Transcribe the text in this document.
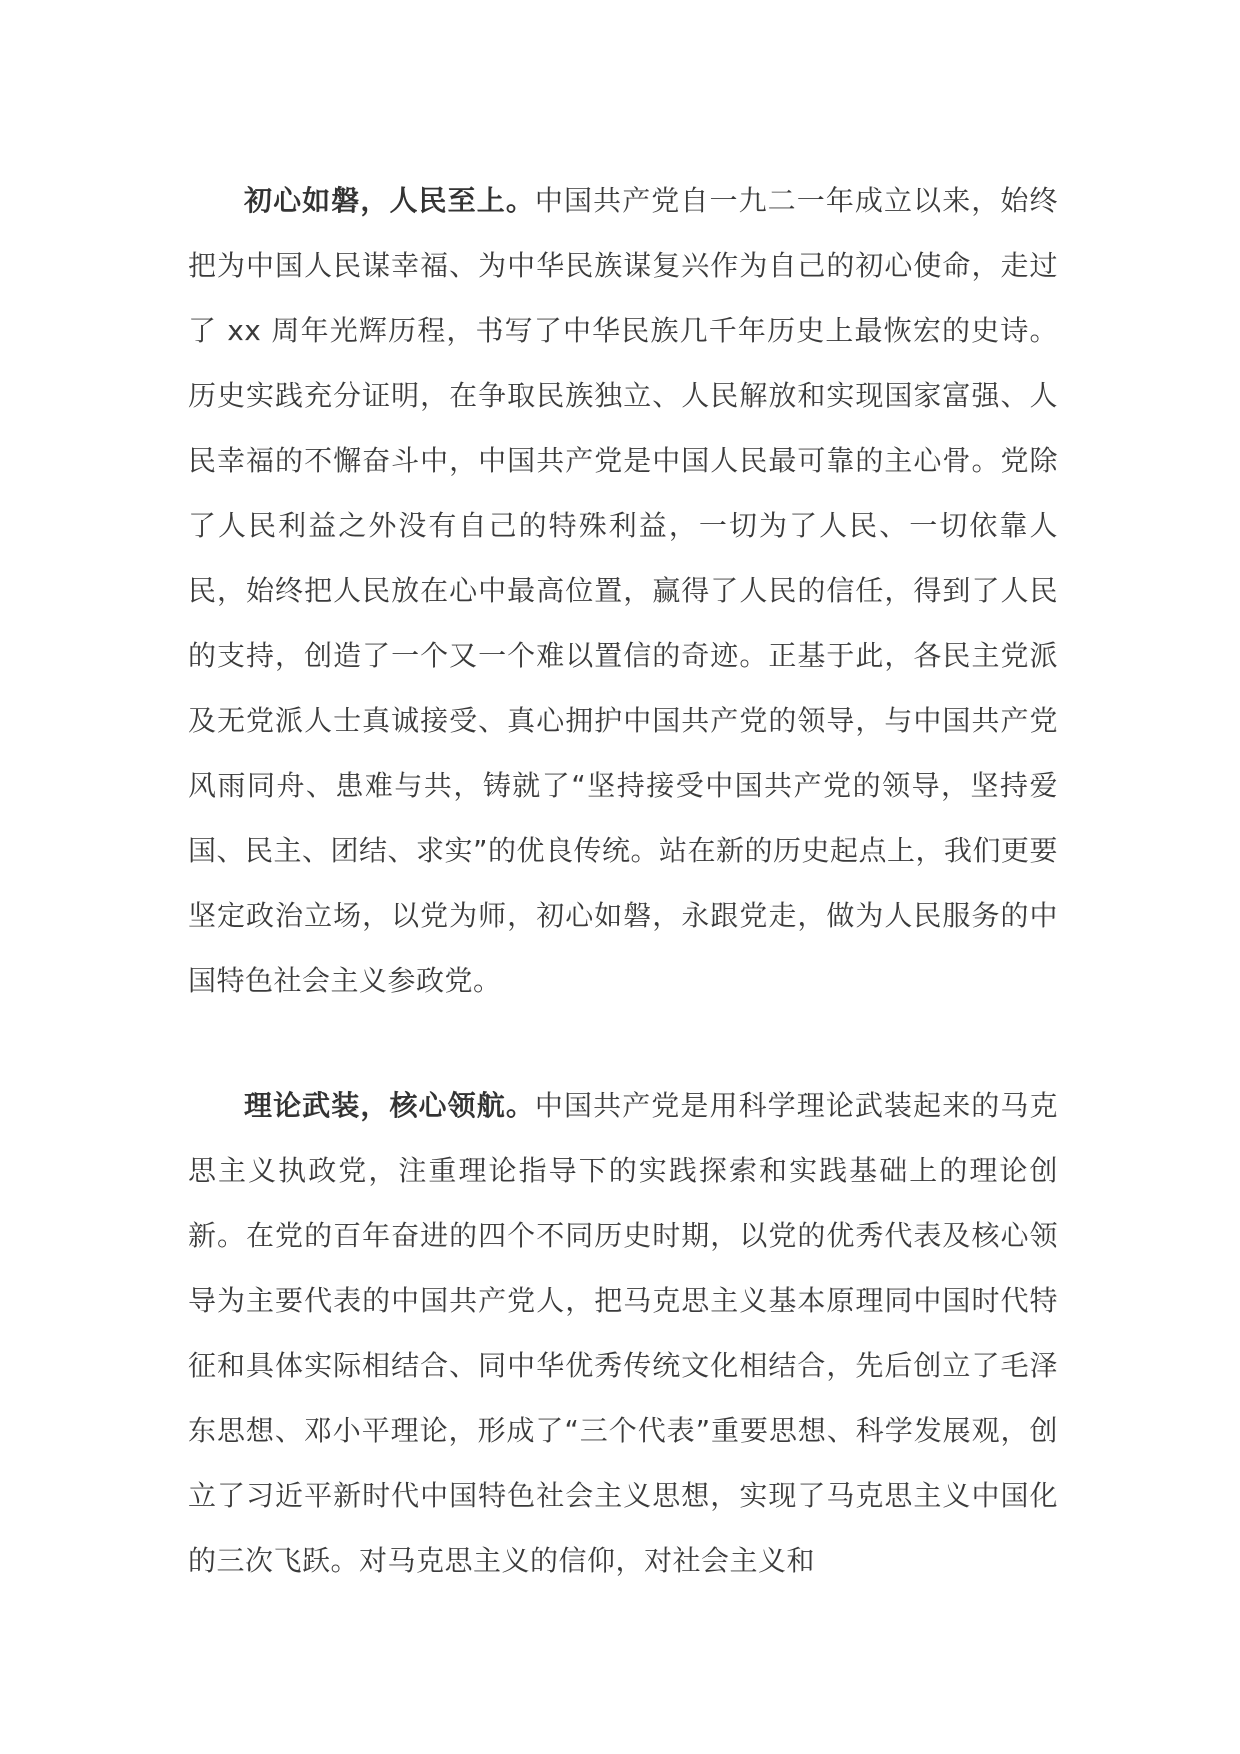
初心如磐，人民至上。中国共产党自一九二一年成立以来，始终把为中国人民谋幸福、为中华民族谋复兴作为自己的初心使命，走过了 xx 周年光辉历程，书写了中华民族几千年历史上最恢宏的史诗。历史实践充分证明，在争取民族独立、人民解放和实现国家富强、人民幸福的不懈奋斗中，中国共产党是中国人民最可靠的主心骨。党除了人民利益之外没有自己的特殊利益，一切为了人民、一切依靠人民，始终把人民放在心中最高位置，赢得了人民的信任，得到了人民的支持，创造了一个又一个难以置信的奇迹。正基于此，各民主党派及无党派人士真诚接受、真心拥护中国共产党的领导，与中国共产党风雨同舟、患难与共，铸就了“坚持接受中国共产党的领导，坚持爱国、民主、团结、求实”的优良传统。站在新的历史起点上，我们更要坚定政治立场，以党为师，初心如磐，永跟党走，做为人民服务的中国特色社会主义参政党。

理论武装，核心领航。中国共产党是用科学理论武装起来的马克思主义执政党，注重理论指导下的实践探索和实践基础上的理论创新。在党的百年奋进的四个不同历史时期，以党的优秀代表及核心领导为主要代表的中国共产党人，把马克思主义基本原理同中国时代特征和具体实际相结合、同中华优秀传统文化相结合，先后创立了毛泽东思想、邓小平理论，形成了“三个代表”重要思想、科学发展观，创立了习近平新时代中国特色社会主义思想，实现了马克思主义中国化的三次飞跃。对马克思主义的信仰，对社会主义和
